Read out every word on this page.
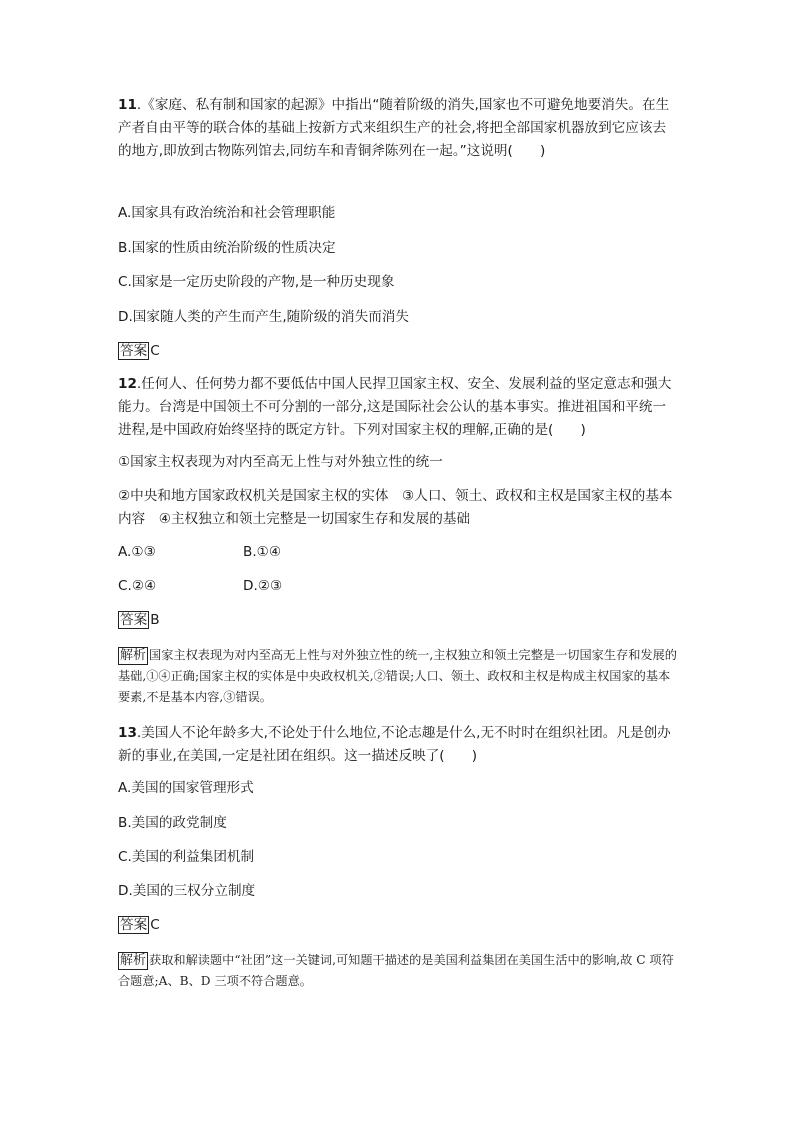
11.《家庭、私有制和国家的起源》中指出“随着阶级的消失,国家也不可避免地要消失。在生产者自由平等的联合体的基础上按新方式来组织生产的社会,将把全部国家机器放到它应该去的地方,即放到古物陈列馆去,同纺车和青铜斧陈列在一起。”这说明(　　)
A.国家具有政治统治和社会管理职能
B.国家的性质由统治阶级的性质决定
C.国家是一定历史阶段的产物,是一种历史现象
D.国家随人类的产生而产生,随阶级的消失而消失
答案 C
12.任何人、任何势力都不要低估中国人民捍卫国家主权、安全、发展利益的坚定意志和强大能力。台湾是中国领土不可分割的一部分,这是国际社会公认的基本事实。推进祖国和平统一进程,是中国政府始终坚持的既定方针。下列对国家主权的理解,正确的是(　　)
①国家主权表现为对内至高无上性与对外独立性的统一
②中央和地方国家政权机关是国家主权的实体　③人口、领土、政权和主权是国家主权的基本内容　④主权独立和领土完整是一切国家生存和发展的基础
A.①③	B.①④
C.②④	D.②③
答案 B
解析 国家主权表现为对内至高无上性与对外独立性的统一,主权独立和领土完整是一切国家生存和发展的基础,①④正确;国家主权的实体是中央政权机关,②错误;人口、领土、政权和主权是构成主权国家的基本要素,不是基本内容,③错误。
13.美国人不论年龄多大,不论处于什么地位,不论志趣是什么,无不时时在组织社团。凡是创办新的事业,在美国,一定是社团在组织。这一描述反映了(　　)
A.美国的国家管理形式
B.美国的政党制度
C.美国的利益集团机制
D.美国的三权分立制度
答案 C
解析 获取和解读题中“社团”这一关键词,可知题干描述的是美国利益集团在美国生活中的影响,故 C 项符合题意;A、B、D 三项不符合题意。
